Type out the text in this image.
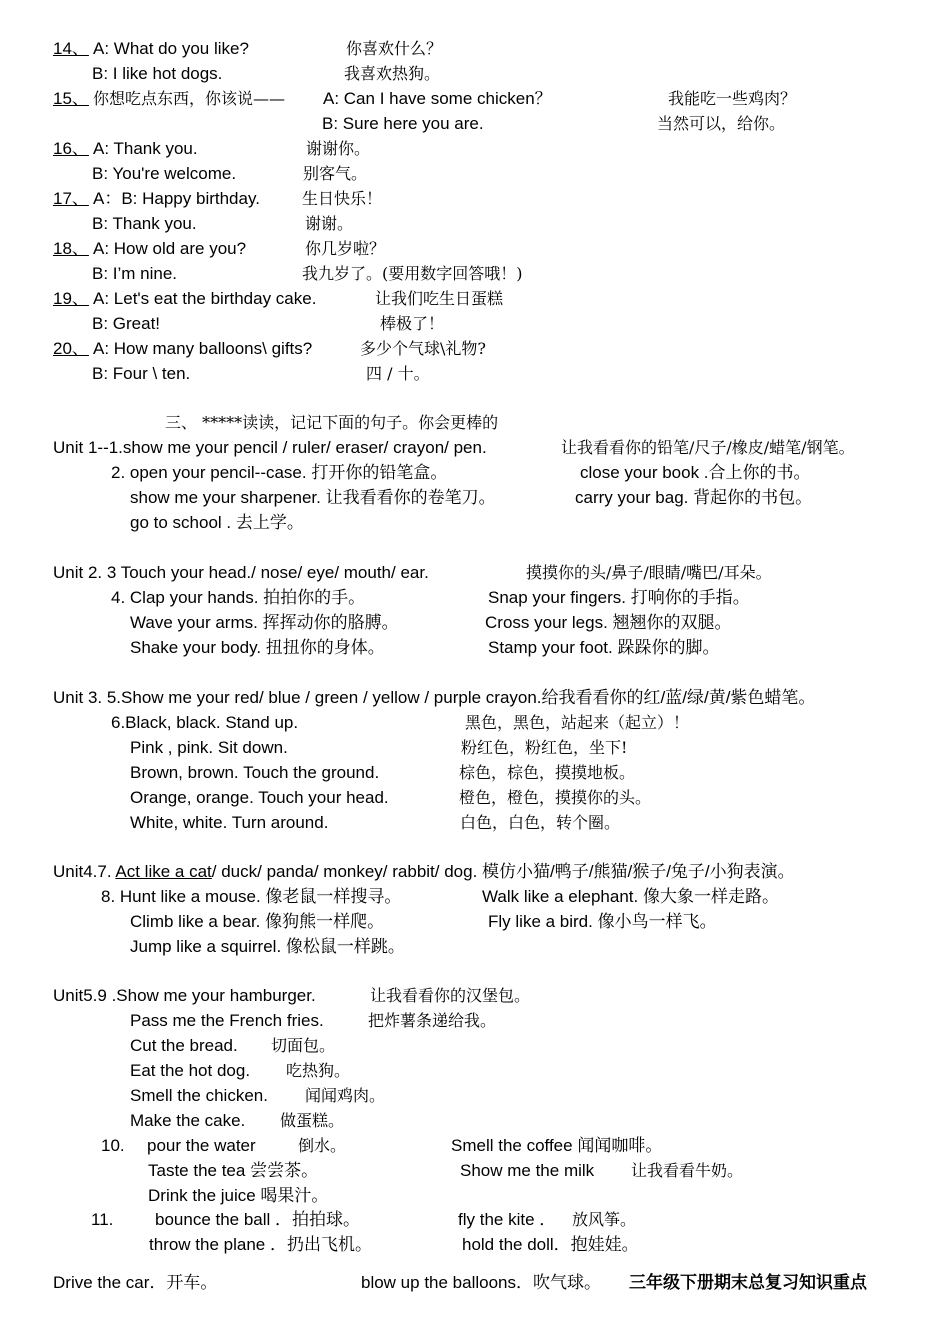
14、 A: What do you like?	你喜欢什么？
B: I like hot dogs.	我喜欢热狗。
15、 你想吃点东西，你该说—— A: Can I have some chicken？	我能吃一些鸡肉？
B: Sure here you are.	当然可以，给你。
16、 A: Thank you.	谢谢你。
B: You're welcome.	别客气。
17、 A：B: Happy birthday.	生日快乐！
B: Thank you.	谢谢。
18、 A: How old are you?	你几岁啦？
B: I’m nine.	我九岁了。(要用数字回答哦！)
19、 A: Let's eat the birthday cake.	让我们吃生日蛋糕
B: Great!	棒极了！
20、 A: How many balloons\ gifts?	多少个气球\礼物?
B: Four \ ten.	四 / 十。
三、 *****读读，记记下面的句子。你会更棒的
Unit 1--1.show me your pencil / ruler/ eraser/ crayon/ pen.	让我看看你的铅笔/尺子/橡皮/蜡笔/钢笔。
2. open your pencil--case. 打开你的铅笔盒。	close your book .合上你的书。
show me your sharpener. 让我看看你的卷笔刀。	carry your bag. 背起你的书包。
go to school . 去上学。
Unit 2. 3 Touch your head./ nose/ eye/ mouth/ ear.	摸摸你的头/鼻子/眼睛/嘴巴/耳朵。
4. Clap your hands. 拍拍你的手。	Snap your fingers. 打响你的手指。
Wave your arms. 挥挥动你的胳膊。	Cross your legs. 翘翘你的双腿。
Shake your body. 扭扭你的身体。	Stamp your foot. 跺跺你的脚。
Unit 3. 5.Show me your red/ blue / green / yellow / purple crayon.给我看看你的红/蓝/绿/黄/紫色蜡笔。
6.Black, black. Stand up.	黑色，黑色，站起来（起立）！
Pink , pink. Sit down.	粉红色，粉红色，坐下!
Brown, brown. Touch the ground.	棕色，棕色，摸摸地板。
Orange, orange. Touch your head.	橙色，橙色，摸摸你的头。
White, white. Turn around.	白色，白色，转个圈。
Unit4.7. Act like a cat/ duck/ panda/ monkey/ rabbit/ dog. 模仿小猫/鸭子/熊猫/猴子/兔子/小狗表演。
8. Hunt like a mouse. 像老鼠一样搜寻。	Walk like a elephant. 像大象一样走路。
Climb like a bear. 像狗熊一样爬。	Fly like a bird. 像小鸟一样飞。
Jump like a squirrel. 像松鼠一样跳。
Unit5.9 .Show me your hamburger.	让我看看你的汉堡包。
Pass me the French fries.	把炸薯条递给我。
Cut the bread. 切面包。
Eat the hot dog. 吃热狗。
Smell the chicken. 闻闻鸡肉。
Make the cake. 做蛋糕。
10. pour the water	倒水。	Smell the coffee 闻闻咖啡。
Taste the tea 尝尝茶。	Show me the milk 让我看看牛奶。
Drink the juice 喝果汁。
11. bounce the ball ．拍拍球。	fly the kite ． 放风筝。
throw the plane ．扔出飞机。	hold the doll．抱娃娃。
Drive the car．开车。	blow up the balloons．吹气球。 三年级下册期末总复习知识重点
